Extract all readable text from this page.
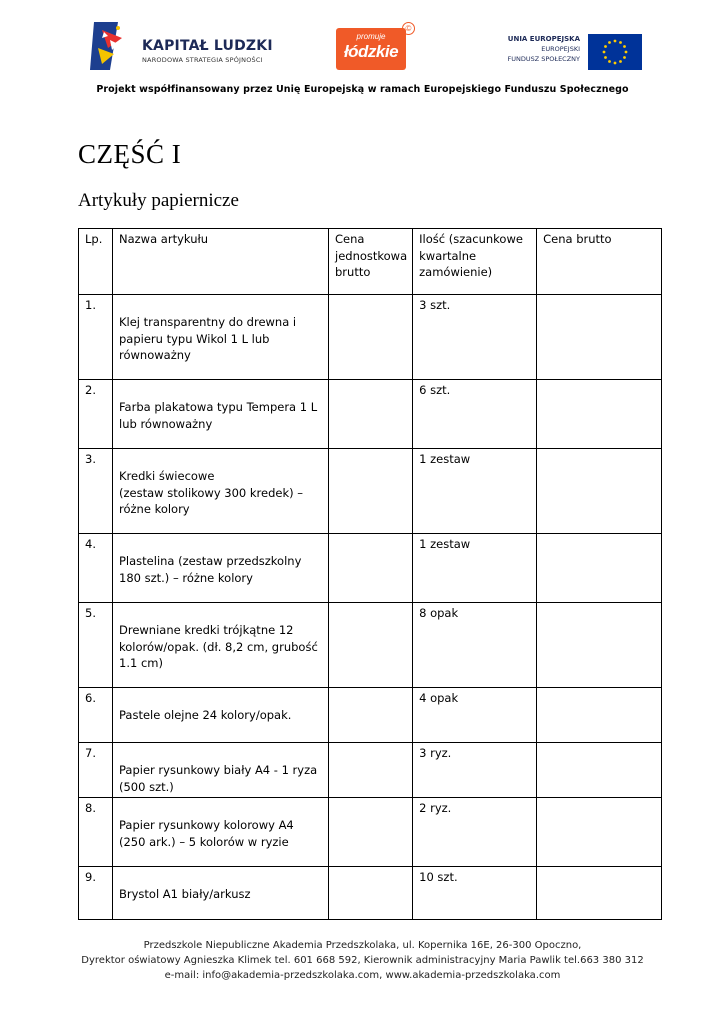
KAPITAŁ LUDZKI
NARODOWA STRATEGIA SPÓJNOŚCI
promuje
łódzkie
©
UNIA EUROPEJSKA
EUROPEJSKI
FUNDUSZ SPOŁECZNY
Projekt współfinansowany przez Unię Europejską w ramach Europejskiego Funduszu Społecznego
CZĘŚĆ I
Artykuły papiernicze
Lp.	Nazwa artykułu	Cena jednostkowa brutto	Ilość (szacunkowe kwartalne zamówienie)	Cena brutto
1.	Klej transparentny do drewna i papieru typu Wikol 1 L lub równoważny		3 szt.	
2.	Farba plakatowa typu Tempera 1 L lub równoważny		6 szt.	
3.	Kredki świecowe
(zestaw stolikowy 300 kredek) – różne kolory		1 zestaw	
4.	Plastelina (zestaw przedszkolny 180 szt.) – różne kolory		1 zestaw	
5.	Drewniane kredki trójkątne 12 kolorów/opak. (dł. 8,2 cm, grubość 1.1 cm)		8 opak	
6.	Pastele olejne 24 kolory/opak.		4 opak	
7.	Papier rysunkowy biały A4 - 1 ryza (500 szt.)		3 ryz.	
8.	Papier rysunkowy kolorowy A4 (250 ark.) – 5 kolorów w ryzie		2 ryz.	
9.	Brystol A1 biały/arkusz		10 szt.	
Przedszkole Niepubliczne Akademia Przedszkolaka, ul. Kopernika 16E, 26-300 Opoczno,
Dyrektor oświatowy Agnieszka Klimek tel. 601 668 592, Kierownik administracyjny Maria Pawlik tel.663 380 312
e-mail: info@akademia-przedszkolaka.com, www.akademia-przedszkolaka.com
